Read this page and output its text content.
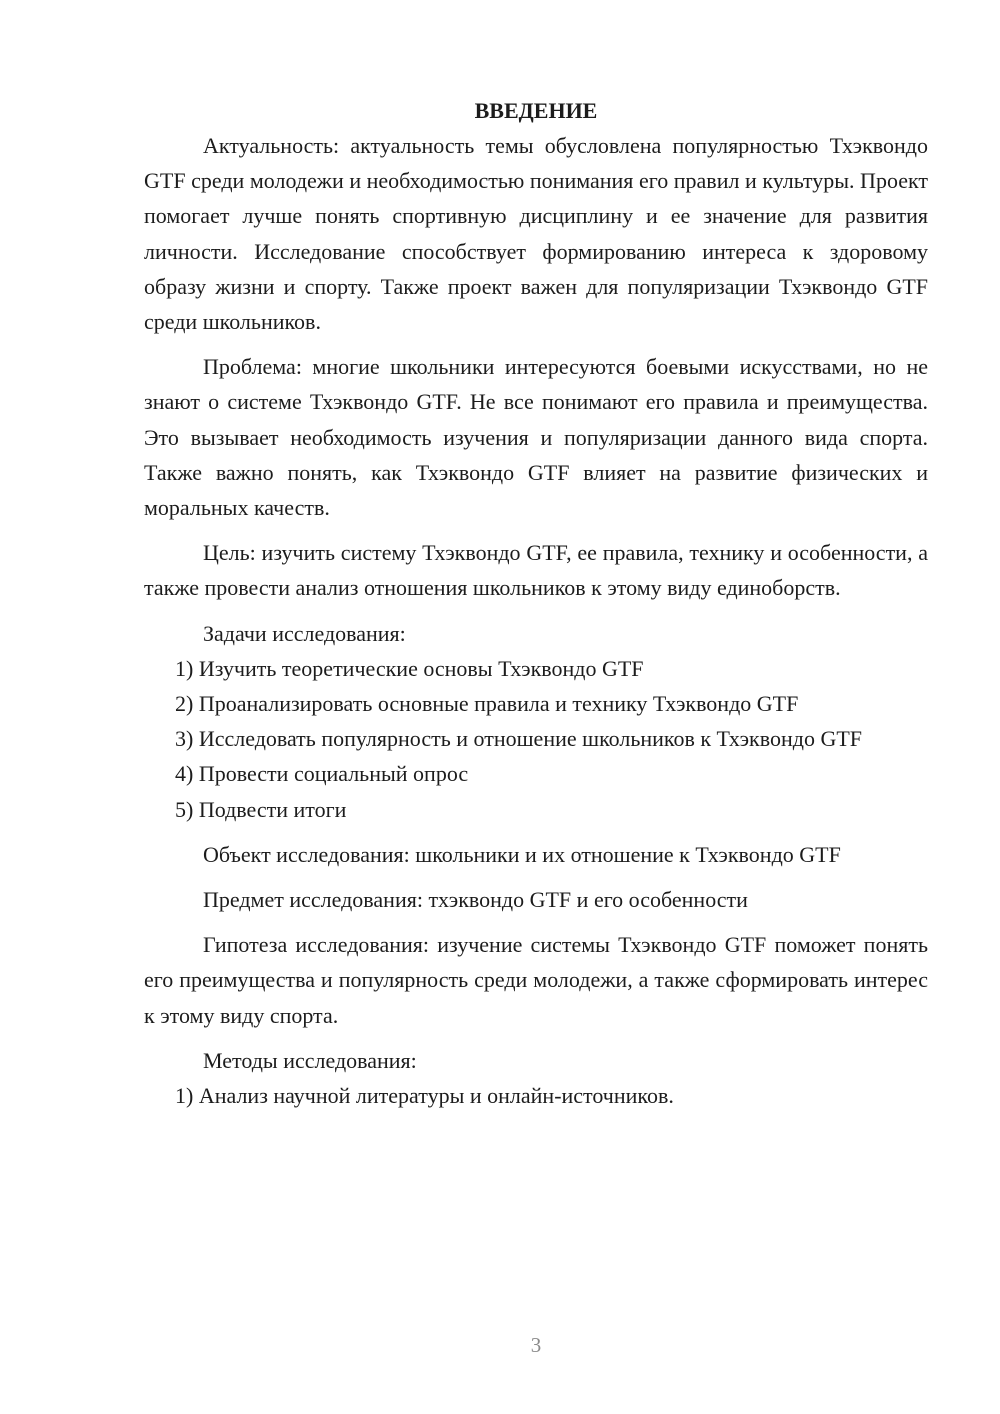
ВВЕДЕНИЕ

Актуальность: актуальность темы обусловлена популярностью Тхэквондо GTF среди молодежи и необходимостью понимания его правил и культуры. Проект помогает лучше понять спортивную дисциплину и ее значение для развития личности. Исследование способствует формированию интереса к здоровому образу жизни и спорту. Также проект важен для популяризации Тхэквондо GTF среди школьников.

Проблема: многие школьники интересуются боевыми искусствами, но не знают о системе Тхэквондо GTF. Не все понимают его правила и преимущества. Это вызывает необходимость изучения и популяризации данного вида спорта. Также важно понять, как Тхэквондо GTF влияет на развитие физических и моральных качеств.

Цель: изучить систему Тхэквондо GTF, ее правила, технику и особенности, а также провести анализ отношения школьников к этому виду единоборств.

Задачи исследования:

1) Изучить теоретические основы Тхэквондо GTF

2) Проанализировать основные правила и технику Тхэквондо GTF

3) Исследовать популярность и отношение школьников к Тхэквондо GTF

4) Провести социальный опрос

5) Подвести итоги

Объект исследования: школьники и их отношение к Тхэквондо GTF

Предмет исследования: тхэквондо GTF и его особенности

Гипотеза исследования: изучение системы Тхэквондо GTF поможет понять его преимущества и популярность среди молодежи, а также сформировать интерес к этому виду спорта.

Методы исследования:

1) Анализ научной литературы и онлайн-источников.

3
